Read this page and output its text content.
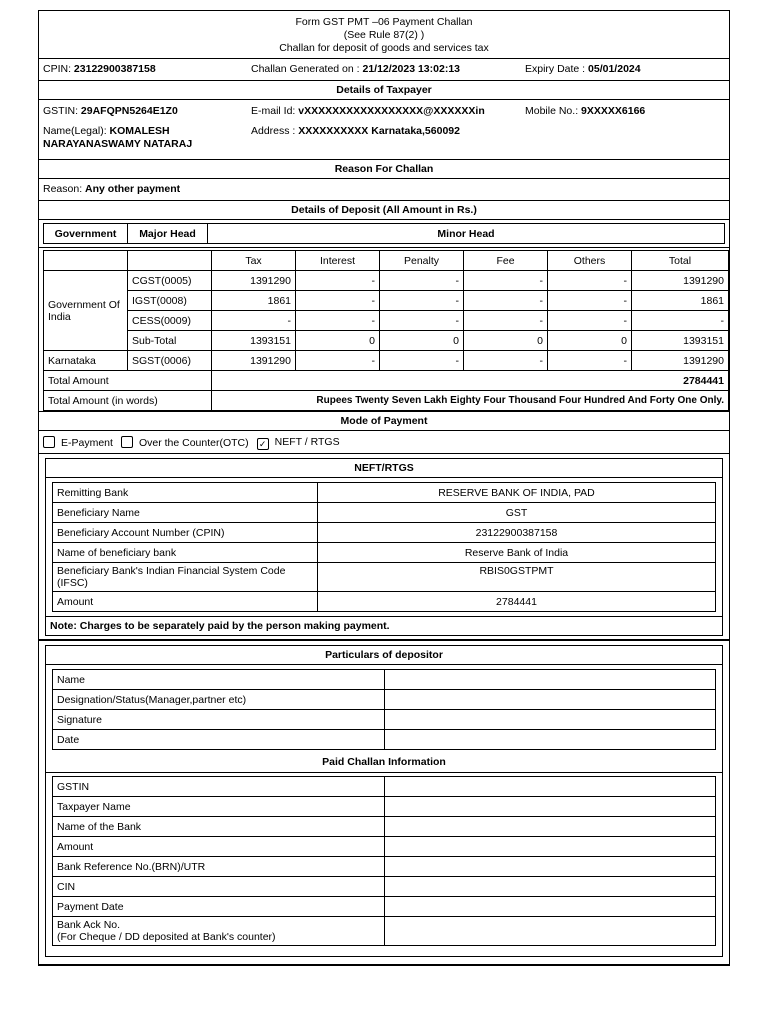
Form GST PMT –06 Payment Challan
(See Rule 87(2) )
Challan for deposit of goods and services tax
CPIN: 23122900387158	Challan Generated on : 21/12/2023 13:02:13	Expiry Date : 05/01/2024
Details of Taxpayer
GSTIN: 29AFQPN5264E1Z0
Name(Legal): KOMALESH NARAYANASWAMY NATARAJ
E-mail Id: vXXXXXXXXXXXXXXXXX@XXXXXXin
Address : XXXXXXXXXX Karnataka,560092
Mobile No.: 9XXXXX6166
Reason For Challan
Reason: Any other payment
Details of Deposit (All Amount in Rs.)
Government	Major Head	Minor Head
		Tax	Interest	Penalty	Fee	Others	Total
Government Of India	CGST(0005)	1391290	-	-	-	-	1391290
	IGST(0008)	1861	-	-	-	-	1861
	CESS(0009)	-	-	-	-	-	-
	Sub-Total	1393151	0	0	0	0	1393151
Karnataka	SGST(0006)	1391290	-	-	-	-	1391290
Total Amount		2784441					
Total Amount (in words)		Rupees Twenty Seven Lakh Eighty Four Thousand Four Hundred And Forty One Only.					
Mode of Payment
E-Payment	Over the Counter(OTC) ✓ NEFT / RTGS
NEFT/RTGS
Remitting Bank	RESERVE BANK OF INDIA, PAD
Beneficiary Name	GST
Beneficiary Account Number (CPIN)	23122900387158
Name of beneficiary bank	Reserve Bank of India
Beneficiary Bank's Indian Financial System Code (IFSC)	RBIS0GSTPMT
Amount	2784441
Note: Charges to be separately paid by the person making payment.
Particulars of depositor
Name	
Designation/Status(Manager,partner etc)	
Signature	
Date	
Paid Challan Information
GSTIN	
Taxpayer Name	
Name of the Bank	
Amount	
Bank Reference No.(BRN)/UTR	
CIN	
Payment Date	

Bank Ack No.
(For Cheque / DD deposited at Bank's counter)	
